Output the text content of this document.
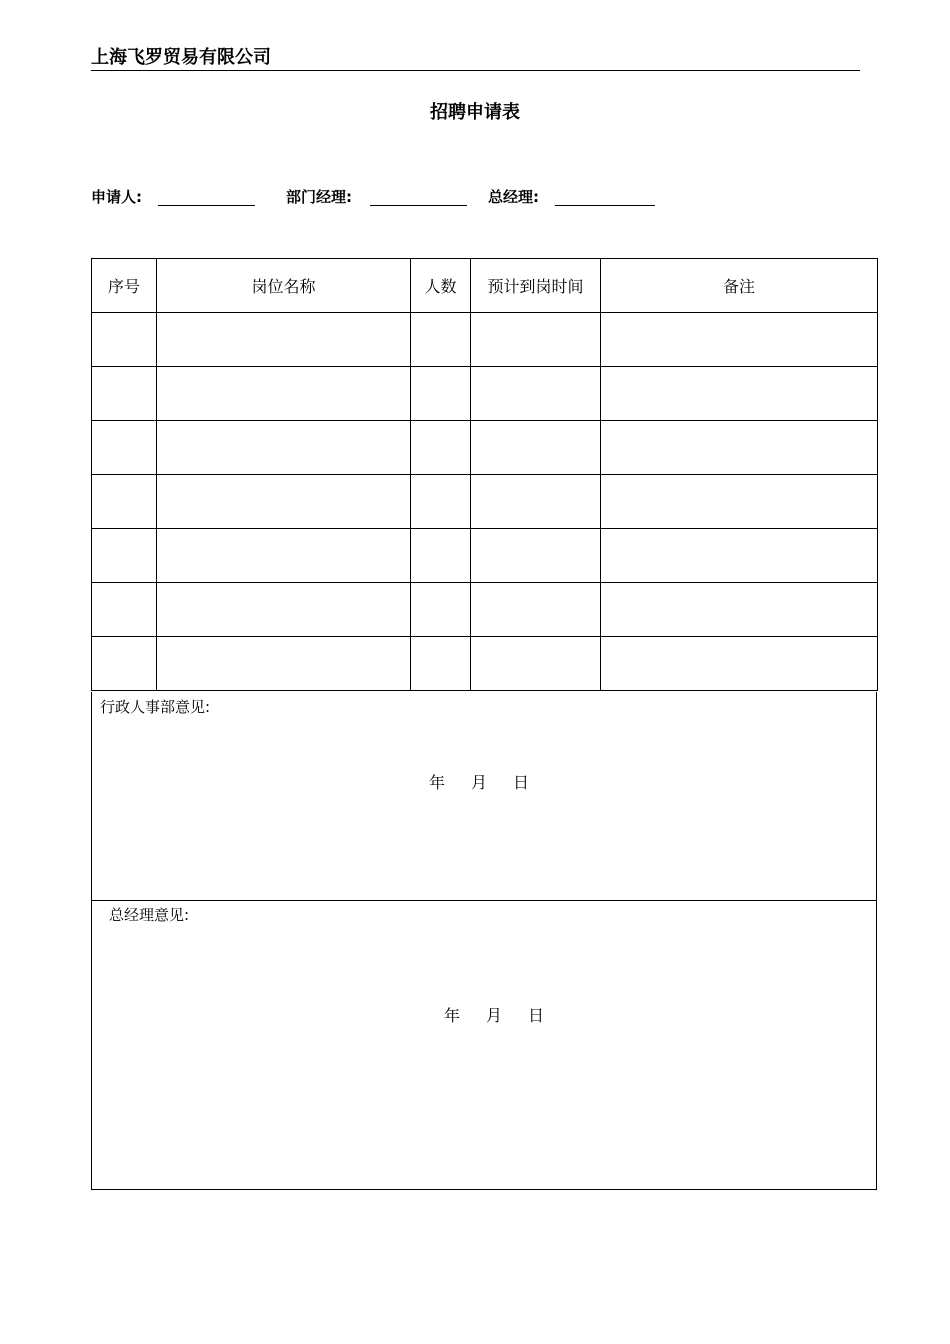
上海飞罗贸易有限公司
招聘申请表
申请人:	部门经理:	总经理:
序号	岗位名称	人数	预计到岗时间	备注

行政人事部意见:
年 月 日
总经理意见:
年 月 日
